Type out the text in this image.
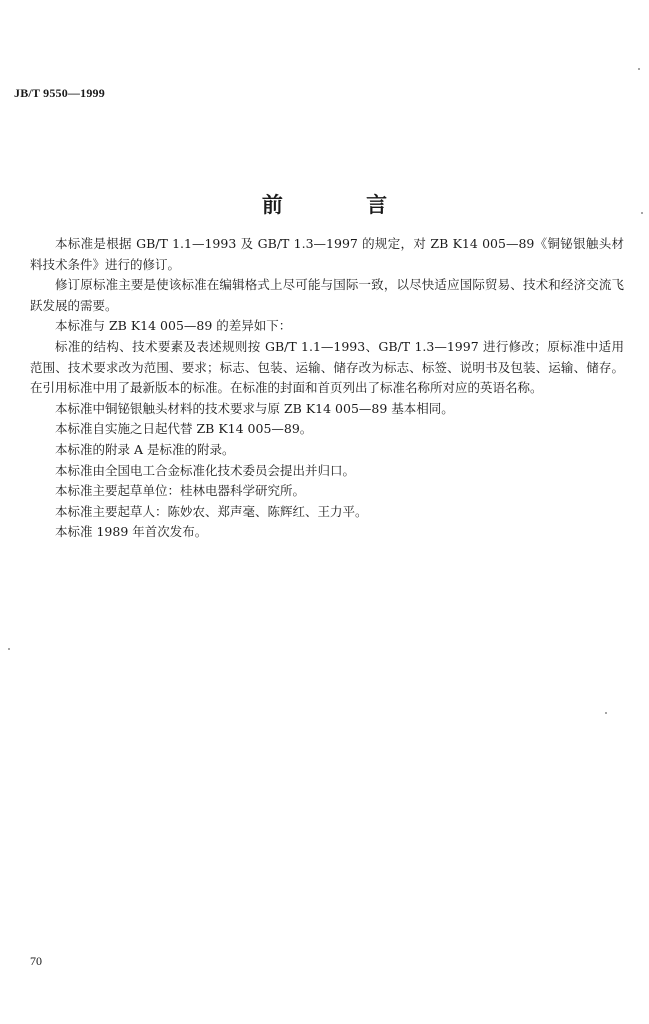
JB/T 9550—1999
前 言

本标准是根据 GB/T 1.1—1993 及 GB/T 1.3—1997 的规定，对 ZB K14 005—89《铜铋银触头材料技术条件》进行的修订。

修订原标准主要是使该标准在编辑格式上尽可能与国际一致，以尽快适应国际贸易、技术和经济交流飞跃发展的需要。

本标准与 ZB K14 005—89 的差异如下：

标准的结构、技术要素及表述规则按 GB/T 1.1—1993、GB/T 1.3—1997 进行修改；原标准中适用范围、技术要求改为范围、要求；标志、包装、运输、储存改为标志、标签、说明书及包装、运输、储存。在引用标准中用了最新版本的标准。在标准的封面和首页列出了标准名称所对应的英语名称。

本标准中铜铋银触头材料的技术要求与原 ZB K14 005—89 基本相同。

本标准自实施之日起代替 ZB K14 005—89。

本标准的附录 A 是标准的附录。

本标准由全国电工合金标准化技术委员会提出并归口。

本标准主要起草单位：桂林电器科学研究所。

本标准主要起草人：陈妙农、郑声毫、陈辉红、王力平。

本标准 1989 年首次发布。

70
